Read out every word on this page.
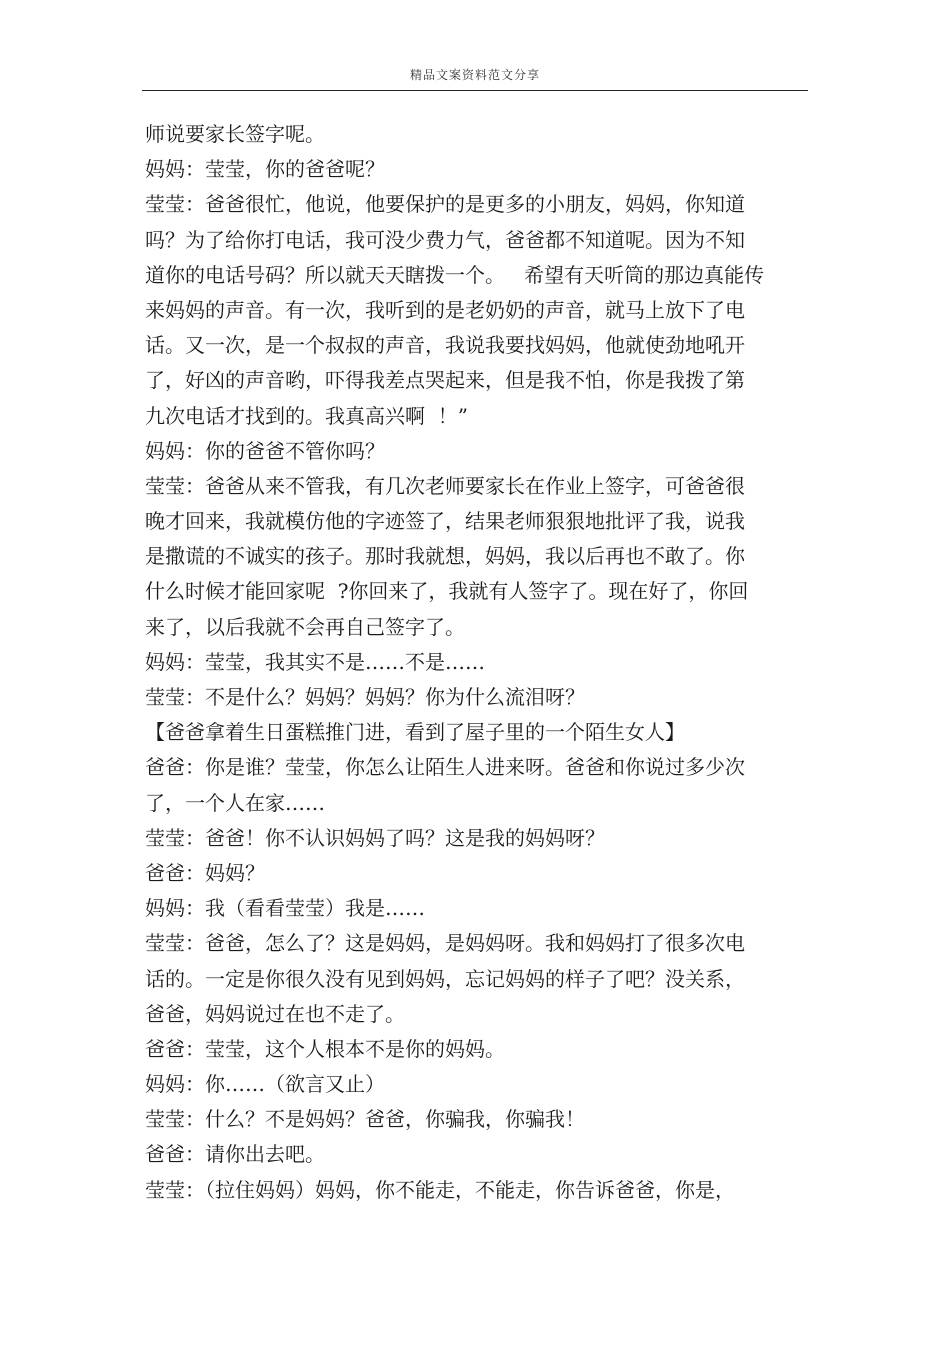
精品文案资料范文分享
师说要家长签字呢。
妈妈：莹莹，你的爸爸呢？
莹莹：爸爸很忙，他说，他要保护的是更多的小朋友，妈妈，你知道
吗？为了给你打电话，我可没少费力气，爸爸都不知道呢。因为不知
道你的电话号码？所以就天天瞎拨一个。   希望有天听筒的那边真能传
来妈妈的声音。有一次，我听到的是老奶奶的声音，就马上放下了电
话。又一次，是一个叔叔的声音，我说我要找妈妈，他就使劲地吼开
了，好凶的声音哟，吓得我差点哭起来，但是我不怕，你是我拨了第
九次电话才找到的。我真高兴啊  ！”
妈妈：你的爸爸不管你吗？
莹莹：爸爸从来不管我，有几次老师要家长在作业上签字，可爸爸很
晚才回来，我就模仿他的字迹签了，结果老师狠狠地批评了我，说我
是撒谎的不诚实的孩子。那时我就想，妈妈，我以后再也不敢了。你
什么时候才能回家呢  ?你回来了，我就有人签字了。现在好了，你回
来了，以后我就不会再自己签字了。
妈妈：莹莹，我其实不是……不是……
莹莹：不是什么？妈妈？妈妈？你为什么流泪呀？
【爸爸拿着生日蛋糕推门进，看到了屋子里的一个陌生女人】
爸爸：你是谁？莹莹，你怎么让陌生人进来呀。爸爸和你说过多少次
了，一个人在家……
莹莹：爸爸！你不认识妈妈了吗？这是我的妈妈呀？
爸爸：妈妈？
妈妈：我（看看莹莹）我是……
莹莹：爸爸，怎么了？这是妈妈，是妈妈呀。我和妈妈打了很多次电
话的。一定是你很久没有见到妈妈，忘记妈妈的样子了吧？没关系，
爸爸，妈妈说过在也不走了。
爸爸：莹莹，这个人根本不是你的妈妈。
妈妈：你……（欲言又止）
莹莹：什么？不是妈妈？爸爸，你骗我，你骗我！
爸爸：请你出去吧。
莹莹：（拉住妈妈）妈妈，你不能走，不能走，你告诉爸爸，你是，
